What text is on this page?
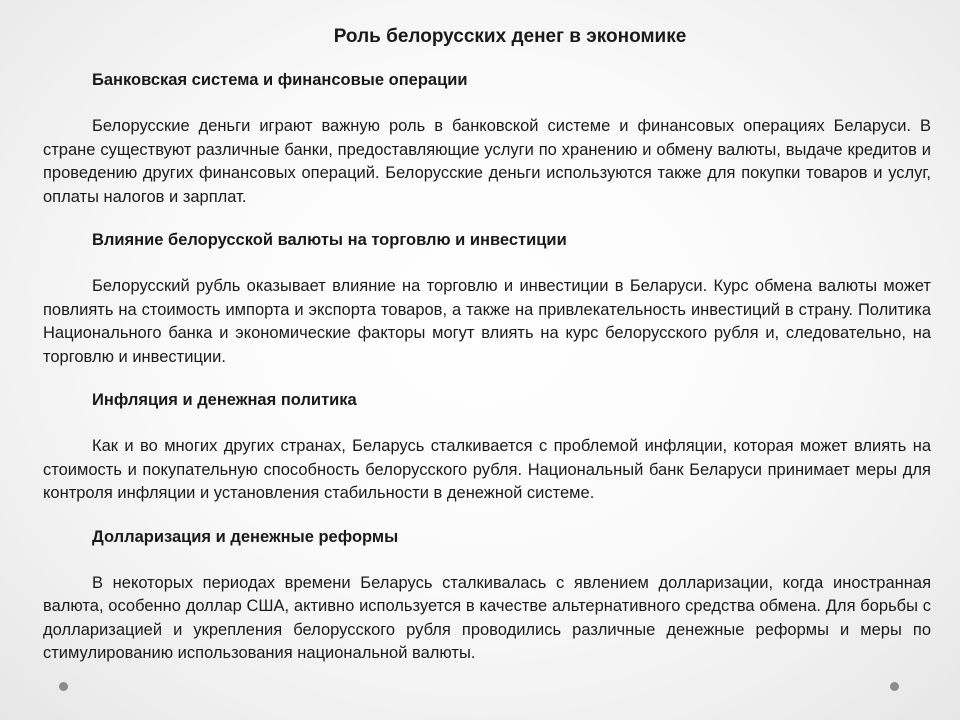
Роль белорусских денег в экономике

Банковская система и финансовые операции

Белорусские деньги играют важную роль в банковской системе и финансовых операциях Беларуси. В стране существуют различные банки, предоставляющие услуги по хранению и обмену валюты, выдаче кредитов и проведению других финансовых операций. Белорусские деньги используются также для покупки товаров и услуг, оплаты налогов и зарплат.

Влияние белорусской валюты на торговлю и инвестиции

Белорусский рубль оказывает влияние на торговлю и инвестиции в Беларуси. Курс обмена валюты может повлиять на стоимость импорта и экспорта товаров, а также на привлекательность инвестиций в страну. Политика Национального банка и экономические факторы могут влиять на курс белорусского рубля и, следовательно, на торговлю и инвестиции.

Инфляция и денежная политика

Как и во многих других странах, Беларусь сталкивается с проблемой инфляции, которая может влиять на стоимость и покупательную способность белорусского рубля. Национальный банк Беларуси принимает меры для контроля инфляции и установления стабильности в денежной системе.

Долларизация и денежные реформы

В некоторых периодах времени Беларусь сталкивалась с явлением долларизации, когда иностранная валюта, особенно доллар США, активно используется в качестве альтернативного средства обмена. Для борьбы с долларизацией и укрепления белорусского рубля проводились различные денежные реформы и меры по стимулированию использования национальной валюты.
